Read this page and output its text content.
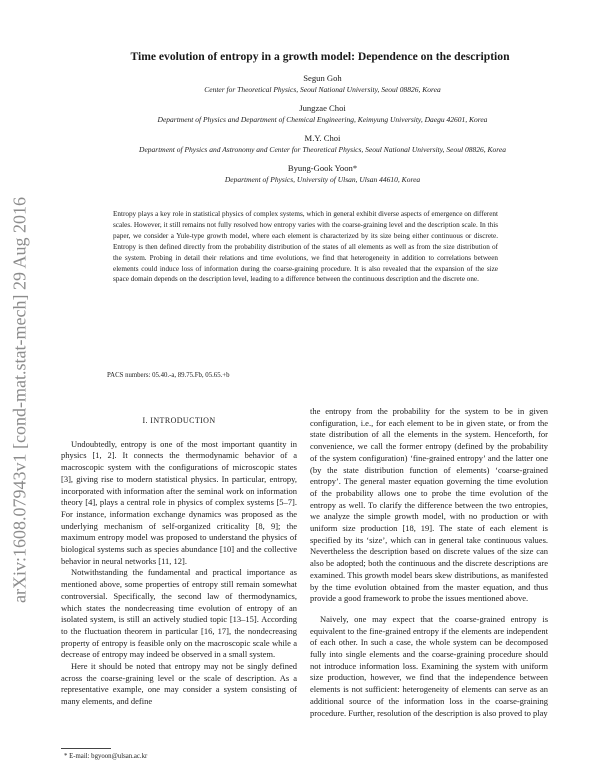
arXiv:1608.07943v1 [cond-mat.stat-mech] 29 Aug 2016
Time evolution of entropy in a growth model: Dependence on the description
Segun Goh
Center for Theoretical Physics, Seoul National University, Seoul 08826, Korea
Jungzae Choi
Department of Physics and Department of Chemical Engineering, Keimyung University, Daegu 42601, Korea
M.Y. Choi
Department of Physics and Astronomy and Center for Theoretical Physics, Seoul National University, Seoul 08826, Korea
Byung-Gook Yoon*
Department of Physics, University of Ulsan, Ulsan 44610, Korea
Entropy plays a key role in statistical physics of complex systems, which in general exhibit diverse aspects of emergence on different scales. However, it still remains not fully resolved how entropy varies with the coarse-graining level and the description scale. In this paper, we consider a Yule-type growth model, where each element is characterized by its size being either continuous or discrete. Entropy is then defined directly from the probability distribution of the states of all elements as well as from the size distribution of the system. Probing in detail their relations and time evolutions, we find that heterogeneity in addition to correlations between elements could induce loss of information during the coarse-graining procedure. It is also revealed that the expansion of the size space domain depends on the description level, leading to a difference between the continuous description and the discrete one.
PACS numbers: 05.40.-a, 89.75.Fb, 05.65.+b
I. INTRODUCTION

Undoubtedly, entropy is one of the most important quantity in physics [1, 2]. It connects the thermodynamic behavior of a macroscopic system with the configurations of microscopic states [3], giving rise to modern statistical physics. In particular, entropy, incorporated with information after the seminal work on information theory [4], plays a central role in physics of complex systems [5–7]. For instance, information exchange dynamics was proposed as the underlying mechanism of self-organized criticality [8, 9]; the maximum entropy model was proposed to understand the physics of biological systems such as species abundance [10] and the collective behavior in neural networks [11, 12].

Notwithstanding the fundamental and practical importance as mentioned above, some properties of entropy still remain somewhat controversial. Specifically, the second law of thermodynamics, which states the nondecreasing time evolution of entropy of an isolated system, is still an actively studied topic [13–15]. According to the fluctuation theorem in particular [16, 17], the nondecreasing property of entropy is feasible only on the macroscopic scale while a decrease of entropy may indeed be observed in a small system.

Here it should be noted that entropy may not be singly defined across the coarse-graining level or the scale of description. As a representative example, one may consider a system consisting of many elements, and define

the entropy from the probability for the system to be in given configuration, i.e., for each element to be in given state, or from the state distribution of all the elements in the system. Henceforth, for convenience, we call the former entropy (defined by the probability of the system configuration) ‘fine-grained entropy’ and the latter one (by the state distribution function of elements) ‘coarse-grained entropy’. The general master equation governing the time evolution of the probability allows one to probe the time evolution of the entropy as well. To clarify the difference between the two entropies, we analyze the simple growth model, with no production or with uniform size production [18, 19]. The state of each element is specified by its ‘size’, which can in general take continuous values. Nevertheless the description based on discrete values of the size can also be adopted; both the continuous and the discrete descriptions are examined. This growth model bears skew distributions, as manifested by the time evolution obtained from the master equation, and thus provide a good framework to probe the issues mentioned above.

Naively, one may expect that the coarse-grained entropy is equivalent to the fine-grained entropy if the elements are independent of each other. In such a case, the whole system can be decomposed fully into single elements and the coarse-graining procedure should not introduce information loss. Examining the system with uniform size production, however, we find that the independence between elements is not sufficient: heterogeneity of elements can serve as an additional source of the information loss in the coarse-graining procedure. Further, resolution of the description is also proved to play

* E-mail: bgyoon@ulsan.ac.kr
